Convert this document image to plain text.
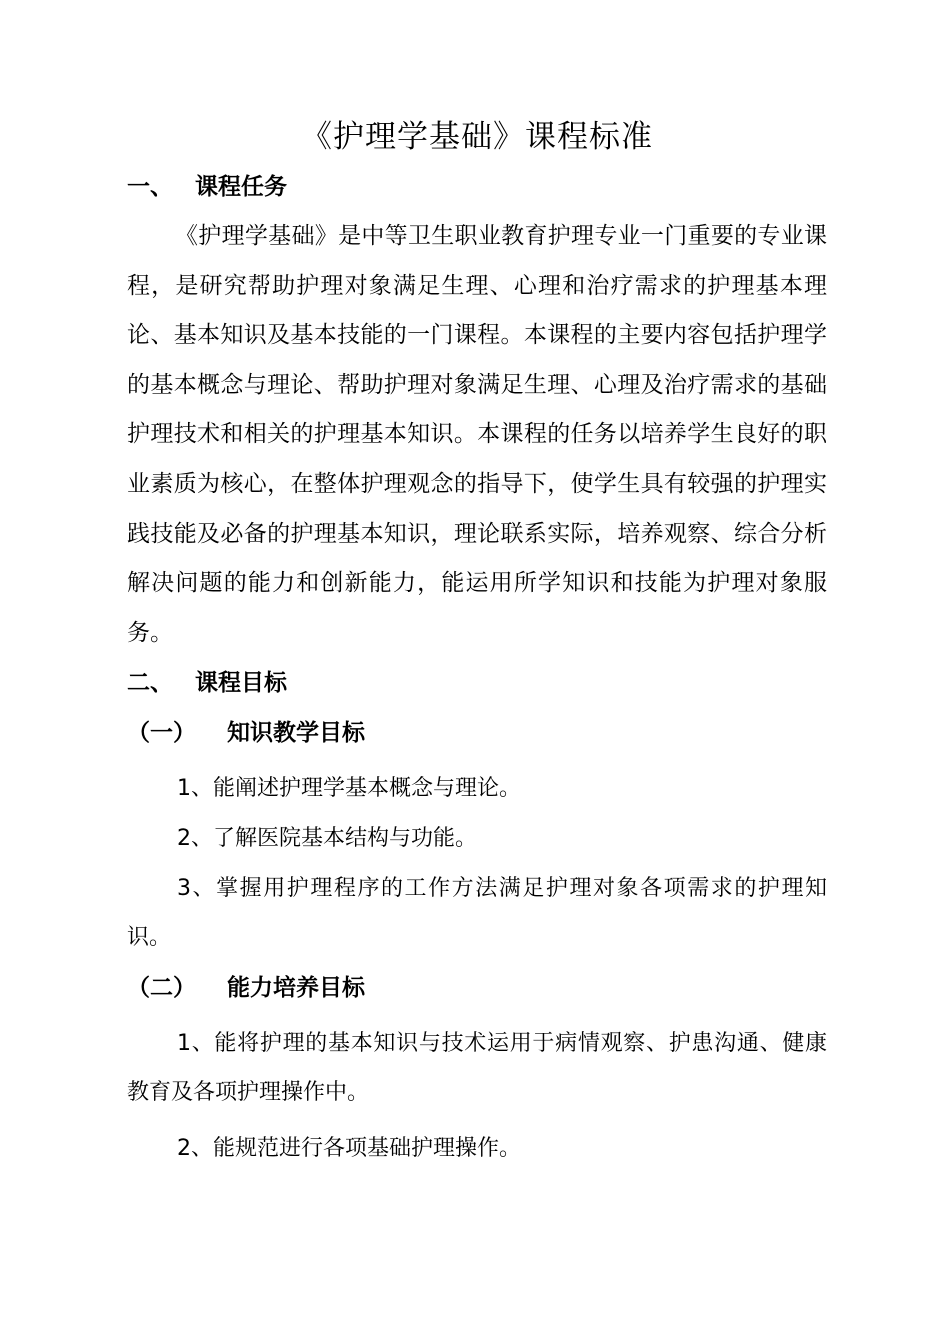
《护理学基础》课程标准
一、 课程任务

《护理学基础》是中等卫生职业教育护理专业一门重要的专业课程，是研究帮助护理对象满足生理、心理和治疗需求的护理基本理论、基本知识及基本技能的一门课程。本课程的主要内容包括护理学的基本概念与理论、帮助护理对象满足生理、心理及治疗需求的基础护理技术和相关的护理基本知识。本课程的任务以培养学生良好的职业素质为核心，在整体护理观念的指导下，使学生具有较强的护理实践技能及必备的护理基本知识，理论联系实际，培养观察、综合分析解决问题的能力和创新能力，能运用所学知识和技能为护理对象服务。

二、 课程目标
（一） 知识教学目标

1、能阐述护理学基本概念与理论。

2、了解医院基本结构与功能。

3、掌握用护理程序的工作方法满足护理对象各项需求的护理知识。

（二） 能力培养目标

1、能将护理的基本知识与技术运用于病情观察、护患沟通、健康教育及各项护理操作中。

2、能规范进行各项基础护理操作。
